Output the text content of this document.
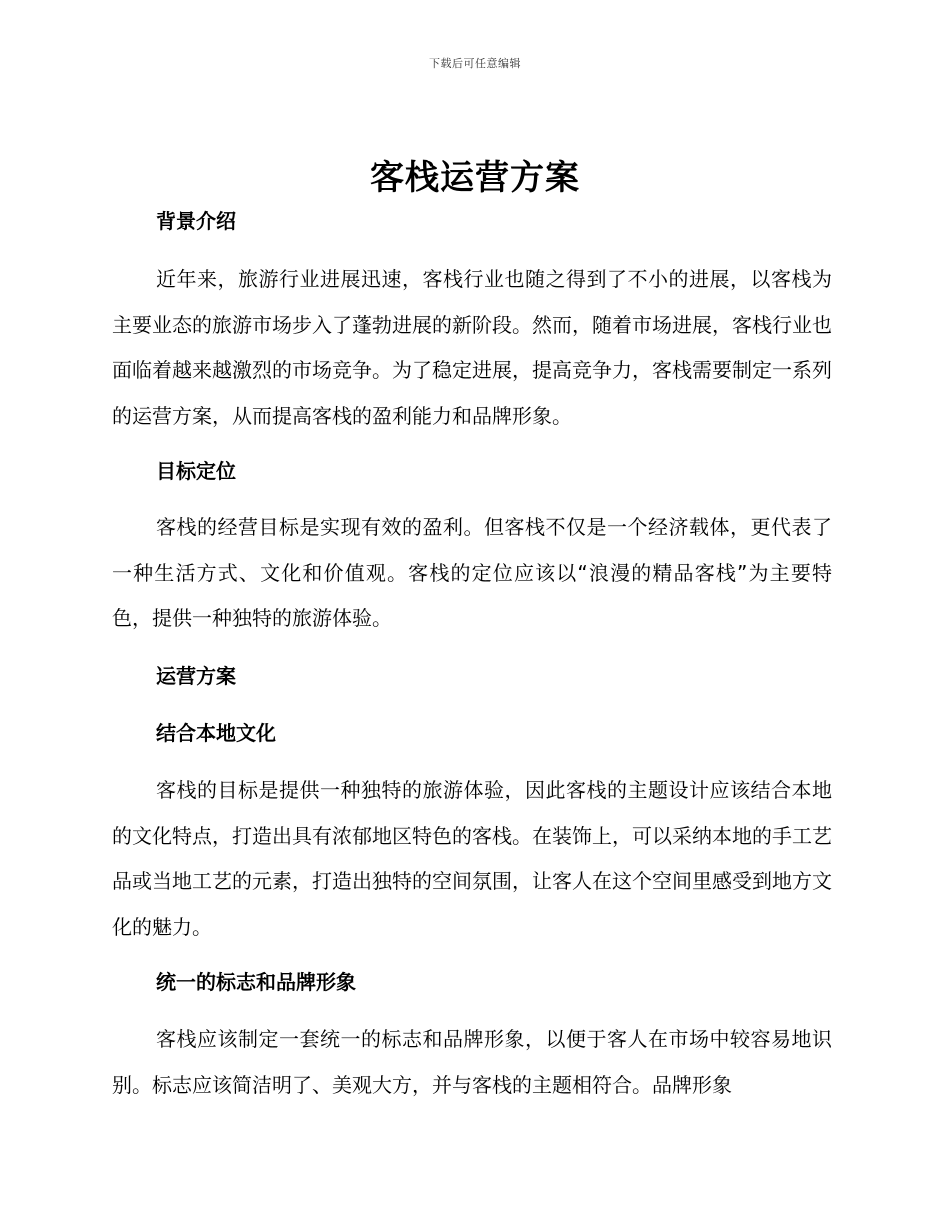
下载后可任意编辑
客栈运营方案
背景介绍
近年来，旅游行业进展迅速，客栈行业也随之得到了不小的进展，以客栈为主要业态的旅游市场步入了蓬勃进展的新阶段。然而，随着市场进展，客栈行业也面临着越来越激烈的市场竞争。为了稳定进展，提高竞争力，客栈需要制定一系列的运营方案，从而提高客栈的盈利能力和品牌形象。
目标定位
客栈的经营目标是实现有效的盈利。但客栈不仅是一个经济载体，更代表了一种生活方式、文化和价值观。客栈的定位应该以“浪漫的精品客栈”为主要特色，提供一种独特的旅游体验。
运营方案
结合本地文化
客栈的目标是提供一种独特的旅游体验，因此客栈的主题设计应该结合本地的文化特点，打造出具有浓郁地区特色的客栈。在装饰上，可以采纳本地的手工艺品或当地工艺的元素，打造出独特的空间氛围，让客人在这个空间里感受到地方文化的魅力。
统一的标志和品牌形象
客栈应该制定一套统一的标志和品牌形象，以便于客人在市场中较容易地识别。标志应该简洁明了、美观大方，并与客栈的主题相符合。品牌形象
